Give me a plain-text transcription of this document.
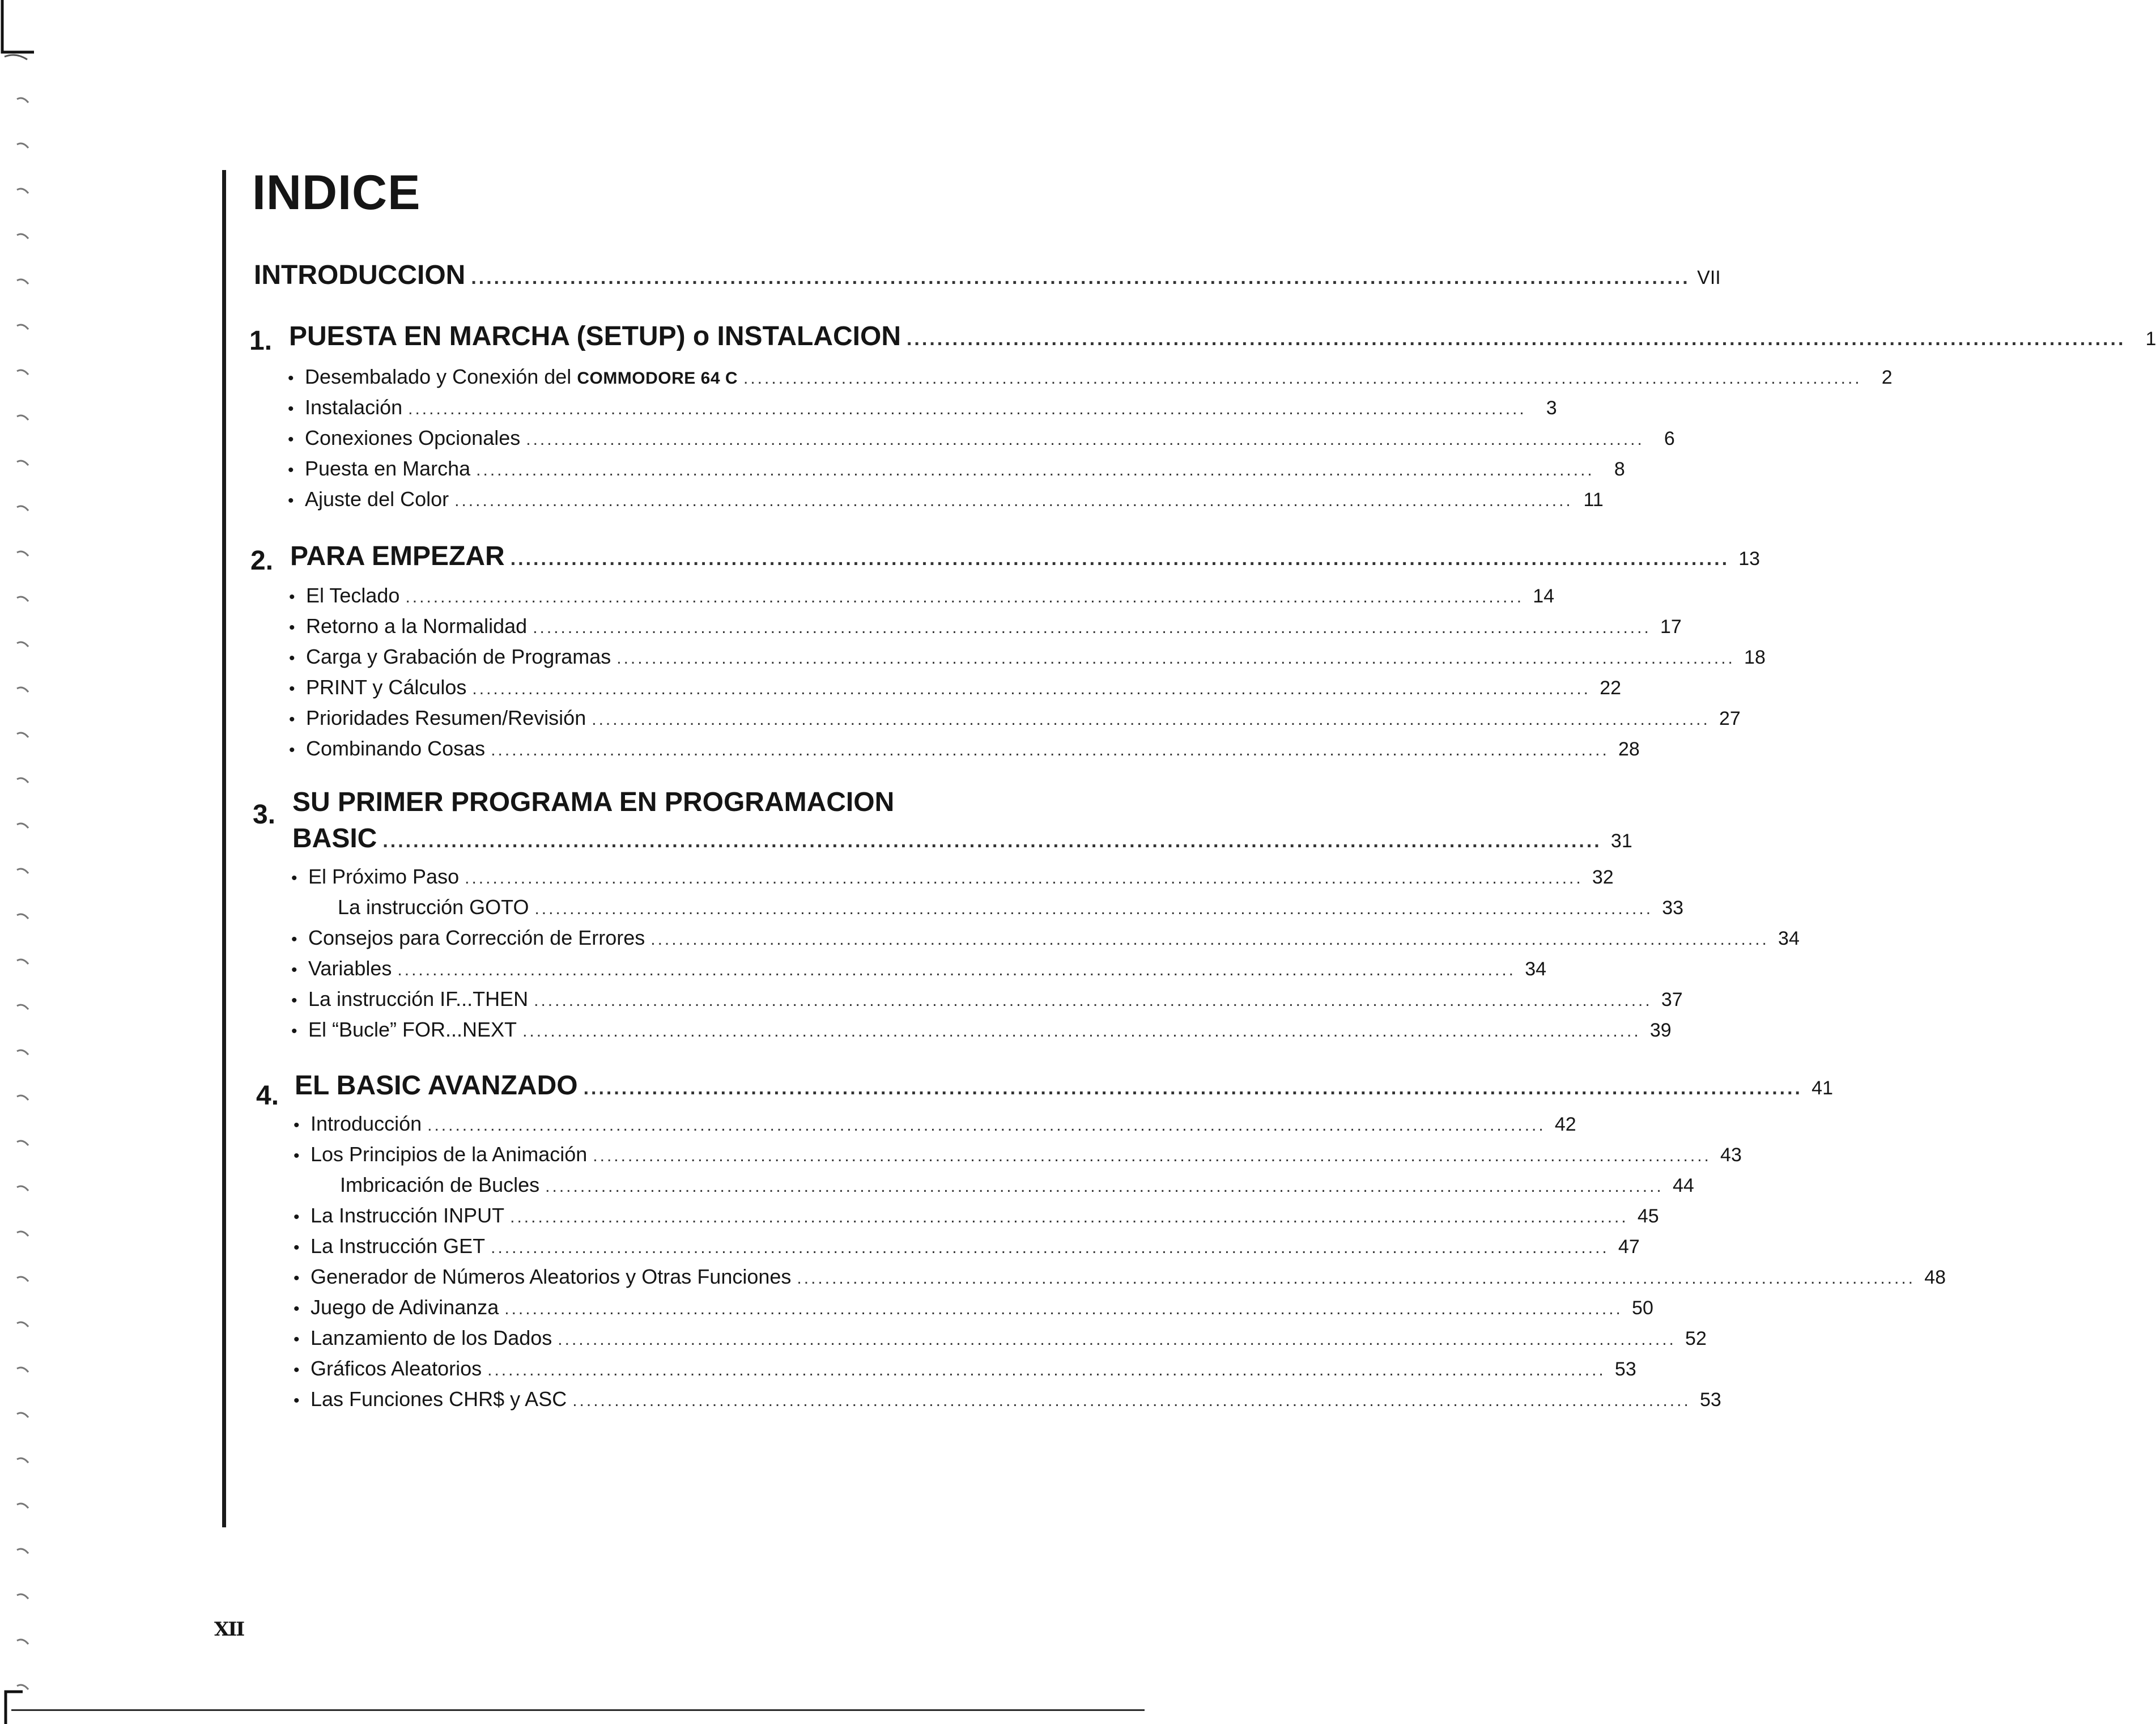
INDICE
INTRODUCCION ................................................................................................................................................................ VII
1. PUESTA EN MARCHA (SETUP) o INSTALACION ................................................................................................................................................................	1
• Desembalado y Conexión del COMMODORE 64 C ................................................................................................................................................................	2
• Instalación ................................................................................................................................................................	3
• Conexiones Opcionales ................................................................................................................................................................	6
• Puesta en Marcha ................................................................................................................................................................	8
• Ajuste del Color ................................................................................................................................................................ 11
2. PARA EMPEZAR ................................................................................................................................................................ 13
• El Teclado ................................................................................................................................................................ 14
• Retorno a la Normalidad ................................................................................................................................................................ 17
• Carga y Grabación de Programas ................................................................................................................................................................ 18
• PRINT y Cálculos ................................................................................................................................................................ 22
• Prioridades Resumen/Revisión ................................................................................................................................................................ 27
• Combinando Cosas ................................................................................................................................................................ 28
3. SU PRIMER PROGRAMA EN PROGRAMACION
BASIC ................................................................................................................................................................ 31
• El Próximo Paso ................................................................................................................................................................ 32
La instrucción GOTO ................................................................................................................................................................ 33
• Consejos para Corrección de Errores ................................................................................................................................................................ 34
• Variables ................................................................................................................................................................ 34
• La instrucción IF...THEN ................................................................................................................................................................ 37
• El “Bucle” FOR...NEXT ................................................................................................................................................................ 39
4. EL BASIC AVANZADO ................................................................................................................................................................ 41
• Introducción ................................................................................................................................................................ 42
• Los Principios de la Animación ................................................................................................................................................................ 43
Imbricación de Bucles ................................................................................................................................................................ 44
• La Instrucción INPUT ................................................................................................................................................................ 45
• La Instrucción GET ................................................................................................................................................................ 47
• Generador de Números Aleatorios y Otras Funciones ................................................................................................................................................................ 48
• Juego de Adivinanza ................................................................................................................................................................ 50
• Lanzamiento de los Dados ................................................................................................................................................................ 52
• Gráficos Aleatorios ................................................................................................................................................................ 53
• Las Funciones CHR$ y ASC ................................................................................................................................................................ 53
XII
